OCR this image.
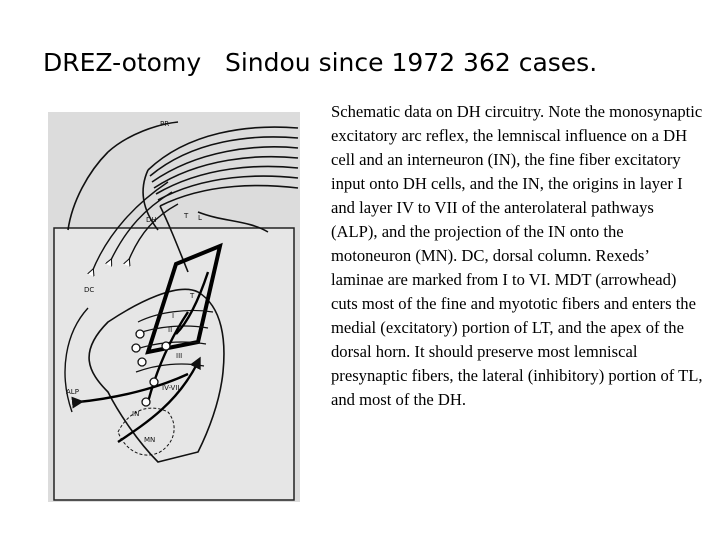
DREZ-otomy   Sindou since 1972 362 cases.
PR
DH	T L
DC
T
I
II
III
IV-VII
ALP
IN
MN
Schematic data on DH circuitry. Note the monosynaptic excitatory arc reflex, the lemniscal influence on a DH cell and an interneuron (IN), the fine fiber excitatory input onto DH cells, and the IN, the origins in layer I and layer IV to VII of the anterolateral pathways (ALP), and the projection of the IN onto the motoneuron (MN). DC, dorsal column. Rexeds’ laminae are marked from I to VI. MDT (arrowhead) cuts most of the fine and myototic fibers and enters the medial (excitatory) portion of LT, and the apex of the dorsal horn. It should preserve most lemniscal presynaptic fibers, the lateral (inhibitory) portion of TL, and most of the DH.
